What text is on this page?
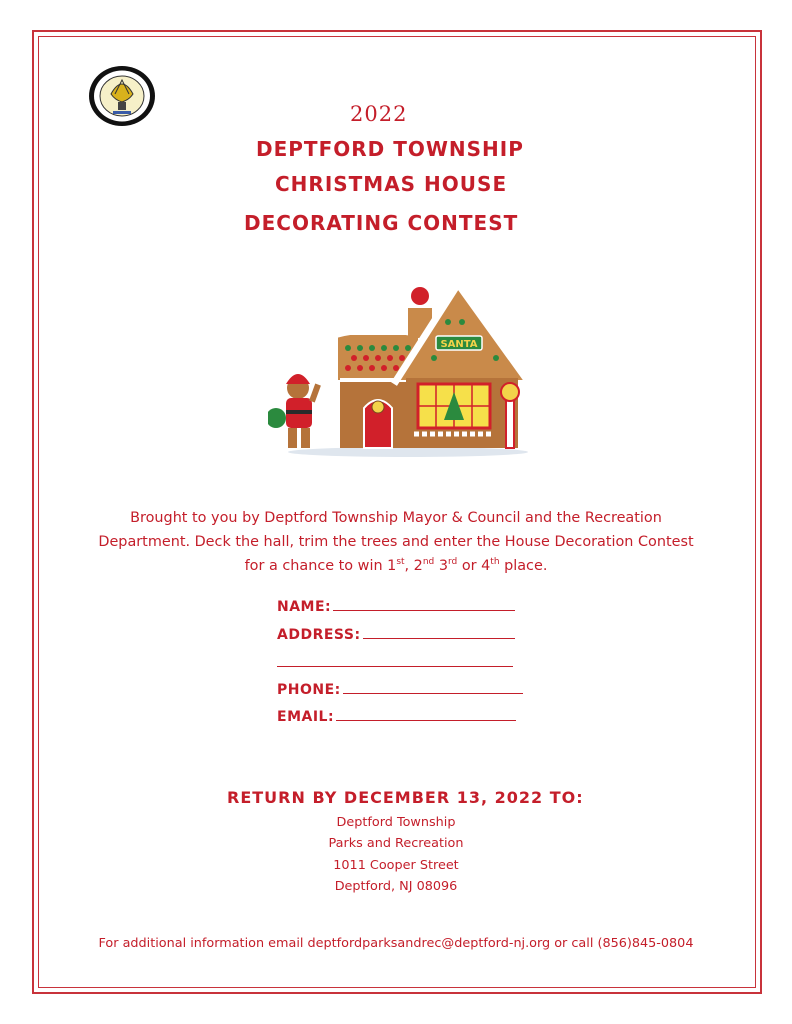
2022
DEPTFORD TOWNSHIP
CHRISTMAS HOUSE
DECORATING CONTEST
SANTA

Brought to you by Deptford Township Mayor & Council and the Recreation

Department. Deck the hall, trim the trees and enter the House Decoration Contest

for a chance to win 1st, 2nd 3rd or 4th place.

NAME:
ADDRESS:
PHONE:
EMAIL:
RETURN BY DECEMBER 13, 2022 TO:
Deptford Township
Parks and Recreation
1011 Cooper Street
Deptford, NJ 08096
For additional information email deptfordparksandrec@deptford-nj.org or call (856)845-0804
